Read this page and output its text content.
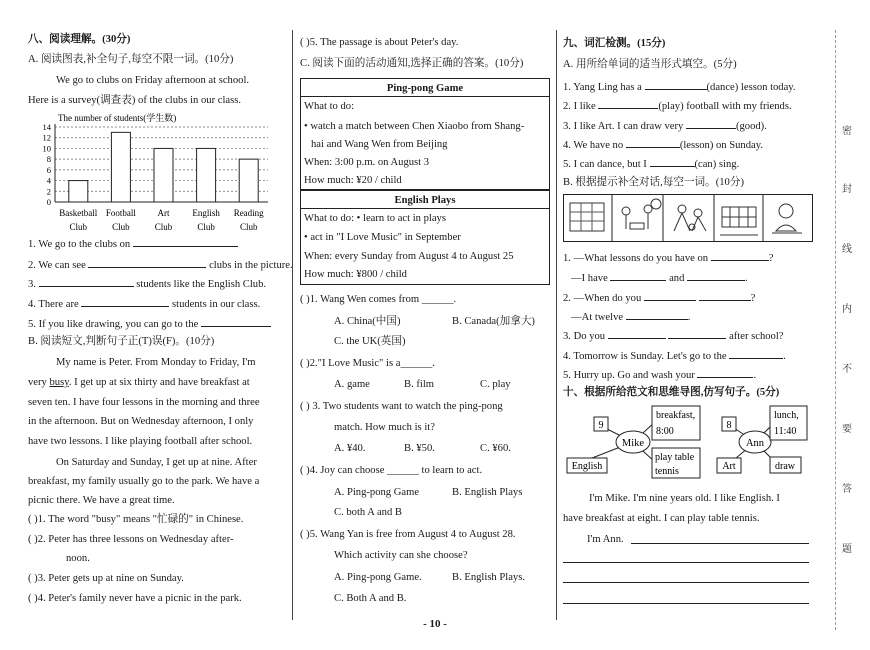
八、阅读理解。(30分)
A. 阅读图表,补全句子,每空不限一词。(10分)
We go to clubs on Friday afternoon at school.
Here is a survey(调查表) of the clubs in our class.
The number of students(学生数)
0
2
4
6
8
10
12
14
Basketball
Club
Football
Club
Art
Club
English
Club
Reading
Club
1. We go to the clubs on
2. We can see	clubs in the picture.
3.	students like the English Club.
4. There are	students in our class.
5. If you like drawing, you can go to the
B. 阅读短文,判断句子正(T)误(F)。(10分)
My name is Peter. From Monday to Friday, I'm
very busy. I get up at six thirty and have breakfast at
seven ten. I have four lessons in the morning and three
in the afternoon. But on Wednesday afternoon, I only
have two lessons. I like playing football after school.
On Saturday and Sunday, I get up at nine. After
breakfast, my family usually go to the park. We have a
picnic there. We have a great time.
( )1. The word "busy" means "忙碌的" in Chinese.
( )2. Peter has three lessons on Wednesday after-
noon.
( )3. Peter gets up at nine on Sunday.
( )4. Peter's family never have a picnic in the park.
( )5. The passage is about Peter's day.
C. 阅读下面的活动通知,选择正确的答案。(10分)
Ping-pong Game
What to do:
• watch a match between Chen Xiaobo from Shang-
hai and Wang Wen from Beijing
When: 3:00 p.m. on August 3
How much: ¥20 / child
English Plays
What to do: • learn to act in plays
• act in "I Love Music" in September
When: every Sunday from August 4 to August 25
How much: ¥800 / child
( )1. Wang Wen comes from ______.
A. China(中国)	B. Canada(加拿大)
C. the UK(英国)
( )2."I Love Music" is a______.
A. game	B. film	C. play
( ) 3. Two students want to watch the ping-pong
match. How much is it?
A. ¥40.	B. ¥50.	C. ¥60.
( )4. Joy can choose ______ to learn to act.
A. Ping-pong Game	B. English Plays
C. both A and B
( )5. Wang Yan is free from August 4 to August 28.
Which activity can she choose?
A. Ping-pong Game.	B. English Plays.
C. Both A and B.
九、词汇检测。(15分)
A. 用所给单词的适当形式填空。(5分)
1. Yang Ling has a	(dance) lesson today.
2. I like	(play) football with my friends.
3. I like Art. I can draw very	(good).
4. We have no	(lesson) on Sunday.
5. I can dance, but I	(can) sing.
B. 根据提示补全对话,每空一词。(10分)
1. —What lessons do you have on	?
—I have	and	.
2. —When do you	?
—At twelve	.
3. Do you	after school?
4. Tomorrow is Sunday. Let's go to the	.
5. Hurry up. Go and wash your	.
十、根据所给范文和思维导图,仿写句子。(5分)
Mike
9
English
breakfast,
8:00
play table
tennis
Ann
8
Art
lunch,
11:40
draw
I'm Mike. I'm nine years old. I like English. I
have breakfast at eight. I can play table tennis.
I'm Ann.
密
封
线
内
不
要
答
题
- 10 -
